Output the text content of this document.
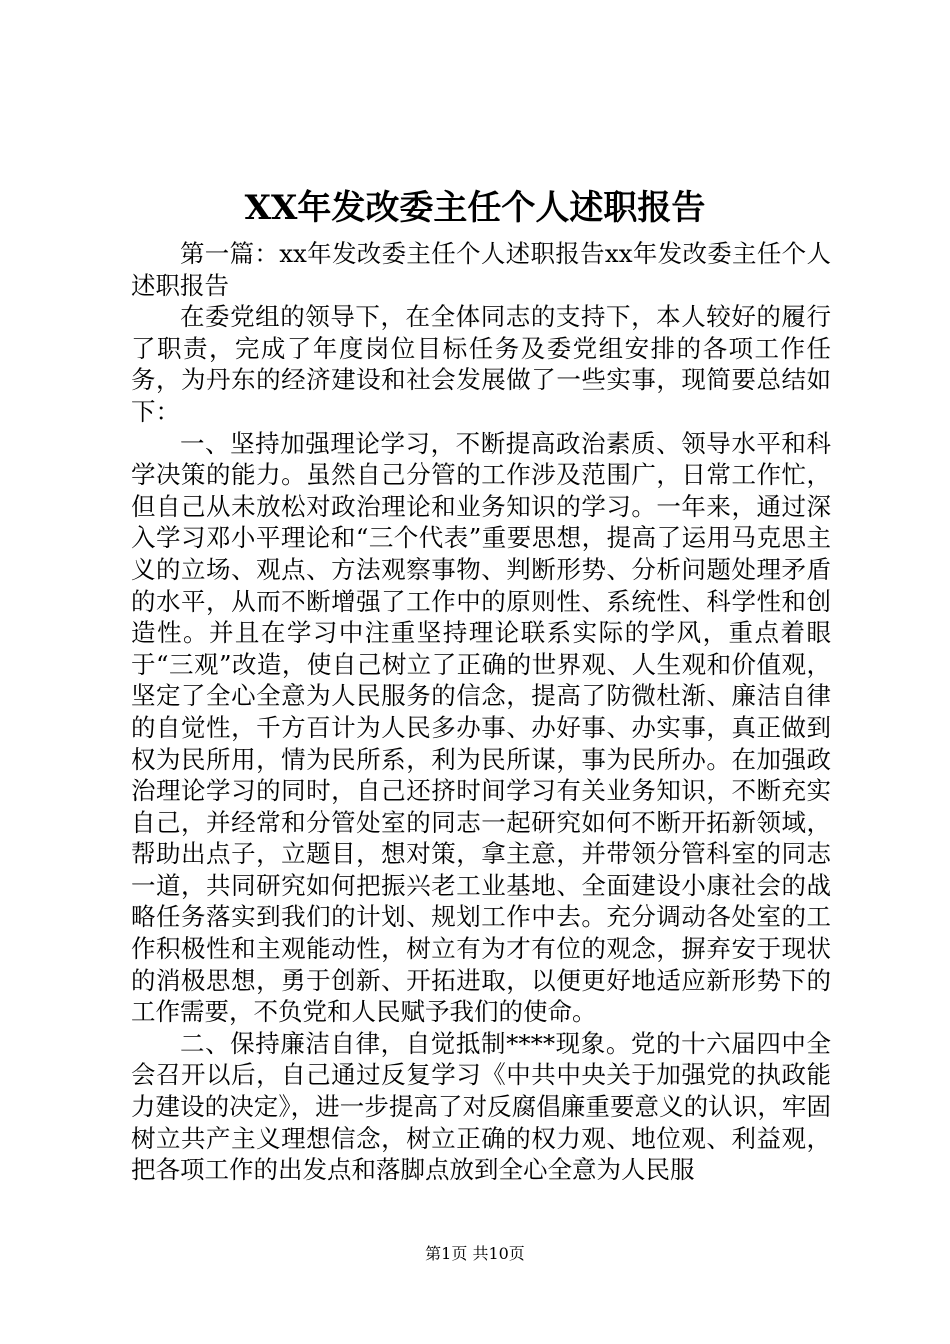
XX年发改委主任个人述职报告

第一篇：xx年发改委主任个人述职报告xx年发改委主任个人述职报告

在委党组的领导下，在全体同志的支持下，本人较好的履行了职责，完成了年度岗位目标任务及委党组安排的各项工作任务，为丹东的经济建设和社会发展做了一些实事，现简要总结如下：

一、坚持加强理论学习，不断提高政治素质、领导水平和科学决策的能力。虽然自己分管的工作涉及范围广，日常工作忙，但自己从未放松对政治理论和业务知识的学习。一年来，通过深入学习邓小平理论和“三个代表”重要思想，提高了运用马克思主义的立场、观点、方法观察事物、判断形势、分析问题处理矛盾的水平，从而不断增强了工作中的原则性、系统性、科学性和创造性。并且在学习中注重坚持理论联系实际的学风，重点着眼于“三观”改造，使自己树立了正确的世界观、人生观和价值观，坚定了全心全意为人民服务的信念，提高了防微杜渐、廉洁自律的自觉性，千方百计为人民多办事、办好事、办实事，真正做到权为民所用，情为民所系，利为民所谋，事为民所办。在加强政治理论学习的同时，自己还挤时间学习有关业务知识，不断充实自己，并经常和分管处室的同志一起研究如何不断开拓新领域，帮助出点子，立题目，想对策，拿主意，并带领分管科室的同志一道，共同研究如何把振兴老工业基地、全面建设小康社会的战略任务落实到我们的计划、规划工作中去。充分调动各处室的工作积极性和主观能动性，树立有为才有位的观念，摒弃安于现状的消极思想，勇于创新、开拓进取，以便更好地适应新形势下的工作需要，不负党和人民赋予我们的使命。

二、保持廉洁自律，自觉抵制****现象。党的十六届四中全会召开以后，自己通过反复学习《中共中央关于加强党的执政能力建设的决定》，进一步提高了对反腐倡廉重要意义的认识，牢固树立共产主义理想信念，树立正确的权力观、地位观、利益观，把各项工作的出发点和落脚点放到全心全意为人民服

第1页 共10页
